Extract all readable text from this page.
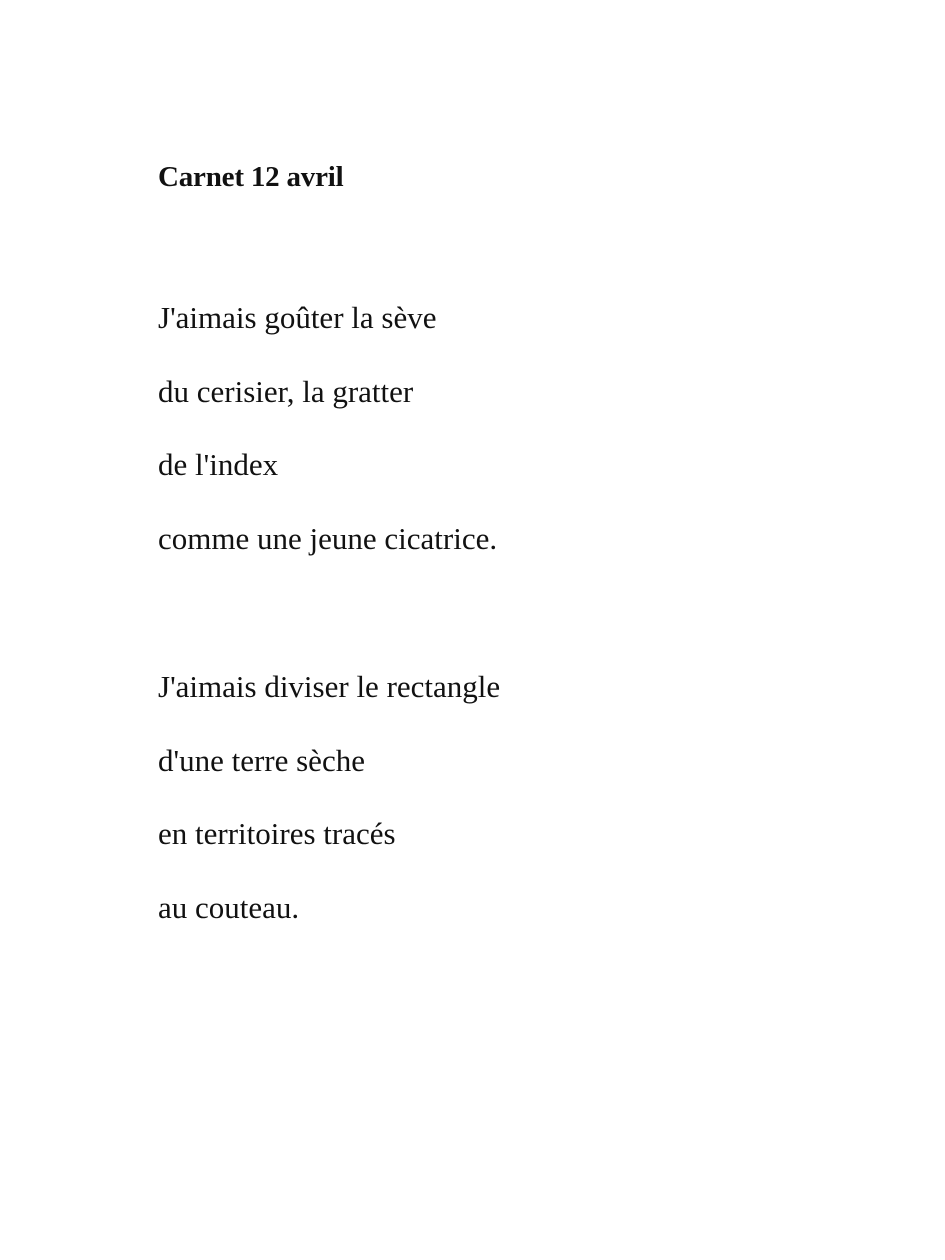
Carnet 12 avril
J'aimais goûter la sève
du cerisier, la gratter
de l'index
comme une jeune cicatrice.
J'aimais diviser le rectangle
d'une terre sèche
en territoires tracés
au couteau.
